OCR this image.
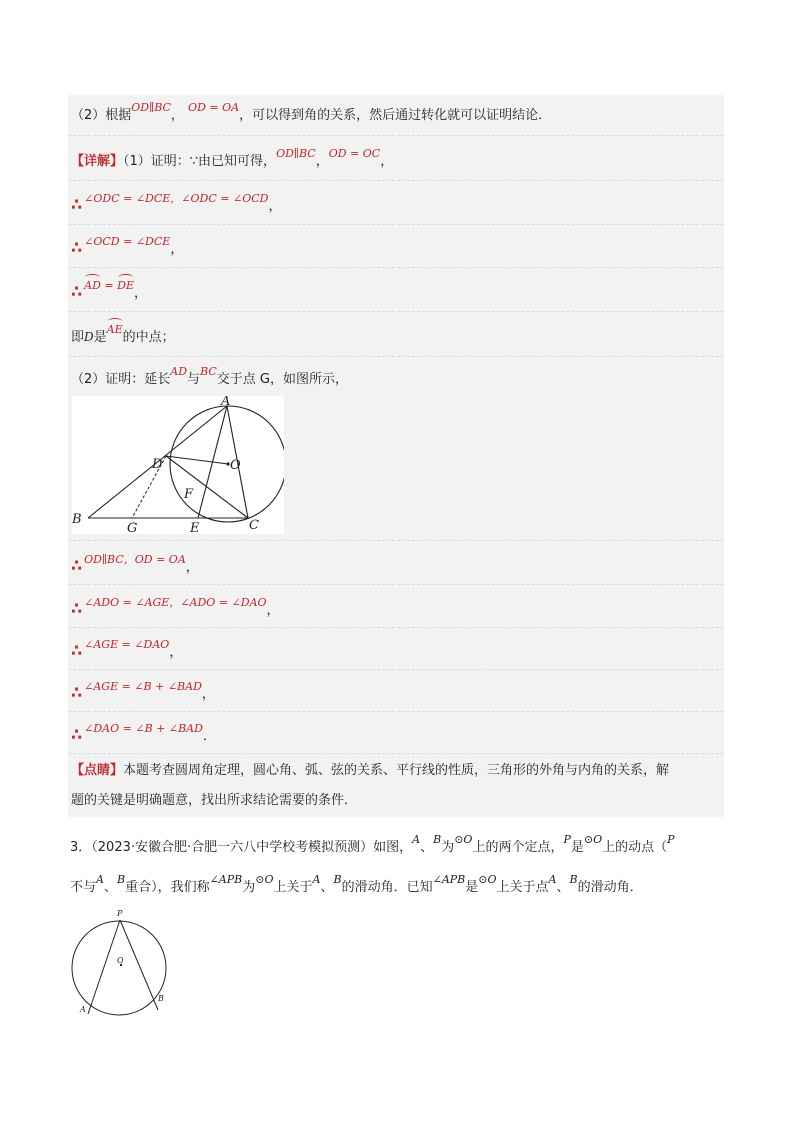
（2）根据$^{OD\parallel BC}$， $^{OD = OA}$，可以得到角的关系，然后通过转化就可以证明结论．
【详解】（1）证明：∵由已知可得，$^{OD\parallel BC}$，$^{OD = OC}$，
∴ $^{\angle ODC = \angle DCE,\angle ODC = \angle OCD}$，
∴ $^{\angle OCD = \angle DCE}$，
∴ AD = DE，
即D是AE的中点；
（2）证明：延长$^{AD}$与$^{BC}$交于点 G，如图所示，
A
D	O
F
B
G	E	C
∴ $^{OD\parallel BC,OD = OA}$，
∴ $^{\angle ADO = \angle AGE,\angle ADO = \angle DAO}$，
∴ $^{\angle AGE = \angle DAO}$，
∴ $^{\angle AGE = \angle B + \angle BAD}$，
∴ $^{\angle DAO = \angle B + \angle BAD}$．
【点睛】本题考查圆周角定理，圆心角、弧、弦的关系、平行线的性质，三角形的外角与内角的关系，解
题的关键是明确题意，找出所求结论需要的条件．
3．（2023·安徽合肥·合肥一六八中学校考模拟预测）如图，$^A$、$^B$为$^{⊙O}$上的两个定点，$^P$是$^{⊙O}$上的动点（$^P$
不与$^A$、$^B$重合），我们称$^{\angle APB}$为$^{⊙O}$上关于$^A$、$^B$的滑动角．已知$^{\angle APB}$是$^{⊙O}$上关于点$^A$、$^B$的滑动角．
P
O
A
B
